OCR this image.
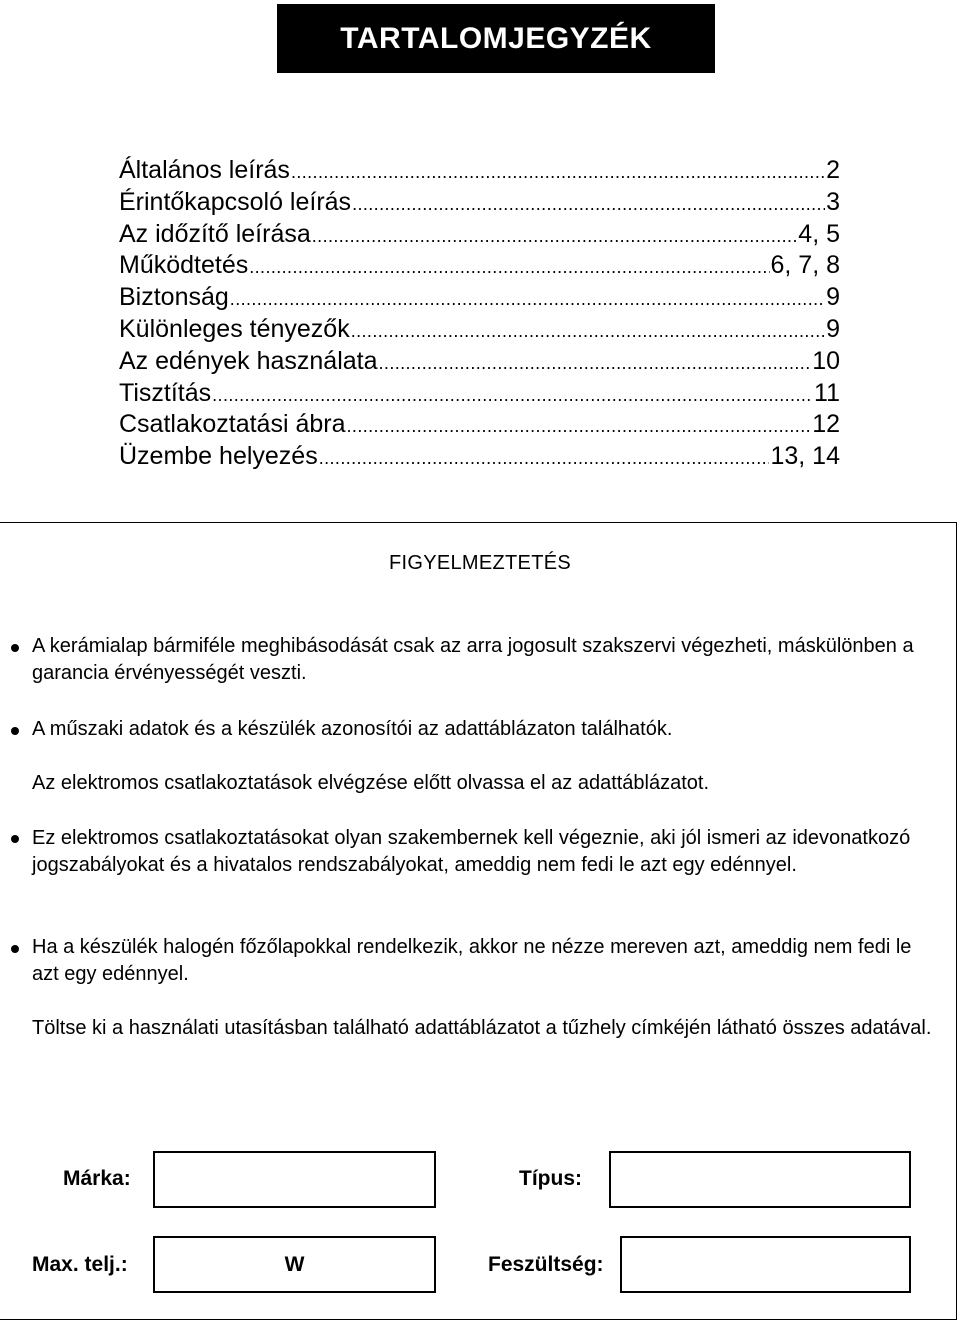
TARTALOMJEGYZÉK
Általános leírás .....	2
Érintőkapcsoló leírás .....	3
Az időzítő leírása .....	4, 5
Működtetés .....	6, 7, 8
Biztonság .....	9
Különleges tényezők .....	9
Az edények használata .....	10
Tisztítás .....	11
Csatlakoztatási ábra .....	12
Üzembe helyezés .....	13, 14
FIGYELMEZTETÉS
A kerámialap bármiféle meghibásodását csak az arra jogosult szakszervi végezheti, máskülönben a garancia érvényességét veszti.
A műszaki adatok és a készülék azonosítói az adattáblázaton találhatók.
Az elektromos csatlakoztatások elvégzése előtt olvassa el az adattáblázatot.
Ez elektromos csatlakoztatásokat olyan szakembernek kell végeznie, aki jól ismeri az idevonatkozó jogszabályokat és a hivatalos rendszabályokat, ameddig nem fedi le azt egy edénnyel.
Ha a készülék halogén főzőlapokkal rendelkezik, akkor ne nézze mereven azt, ameddig nem fedi le azt egy edénnyel.
Töltse ki a használati utasításban található adattáblázatot a tűzhely címkéjén látható összes adatával.
Márka:	Típus:
Max. telj.:	W	Feszültség:
